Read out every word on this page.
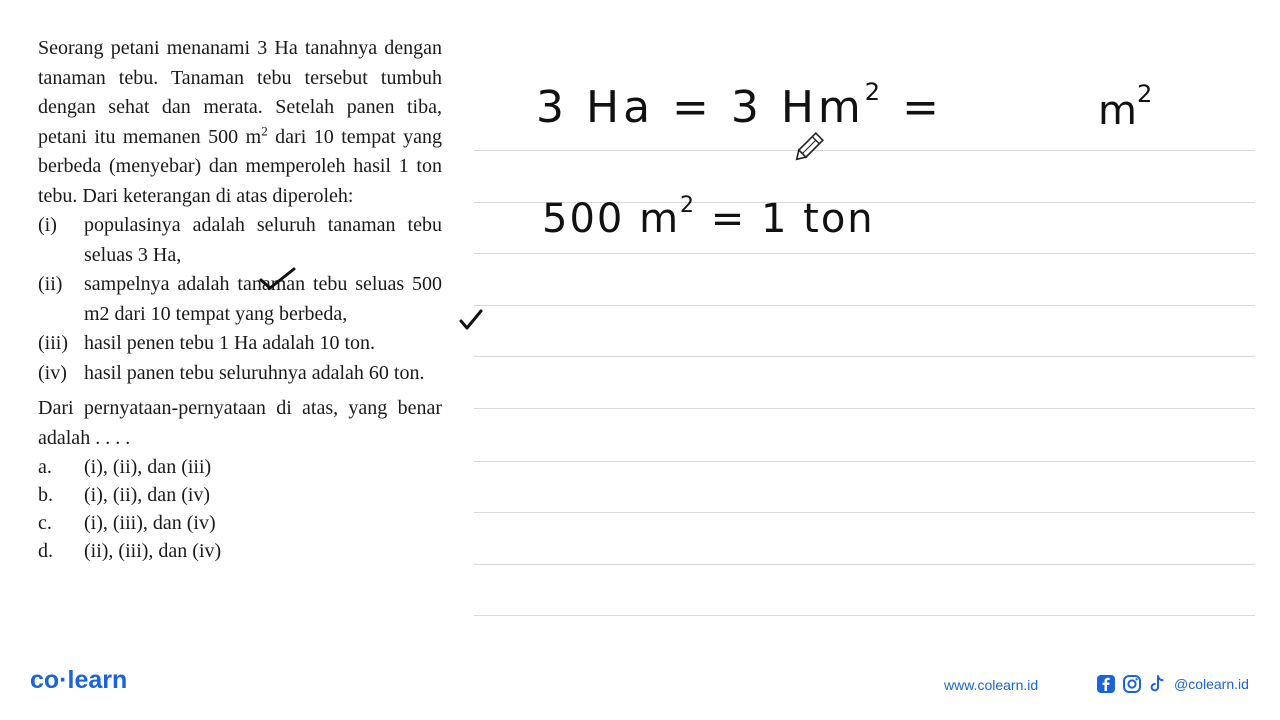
Seorang petani menanami 3 Ha tanahnya dengan tanaman tebu. Tanaman tebu tersebut tumbuh dengan sehat dan merata. Setelah panen tiba, petani itu memanen 500 $m^2$ dari 10 tempat yang berbeda (menyebar) dan memperoleh hasil 1 ton tebu. Dari keterangan di atas diperoleh:

(i)	populasinya adalah seluruh tanaman tebu seluas 3 Ha,
(ii)	sampelnya adalah tanaman tebu seluas 500 m2 dari 10 tempat yang berbeda,
(iii) hasil penen tebu 1 Ha adalah 10 ton.
(iv) hasil panen tebu seluruhnya adalah 60 ton.

Dari pernyataan-pernyataan di atas, yang benar adalah . . . .

a.	(i), (ii), dan (iii)
b.	(i), (ii), dan (iv)
c.	(i), (iii), dan (iv)
d.	(ii), (iii), dan (iv)
3 Ha = 3 $Hm^2$ =	$m^2$
500 $m^2 = 1$ ton
co·learn	www.colearn.id	@colearn.id
